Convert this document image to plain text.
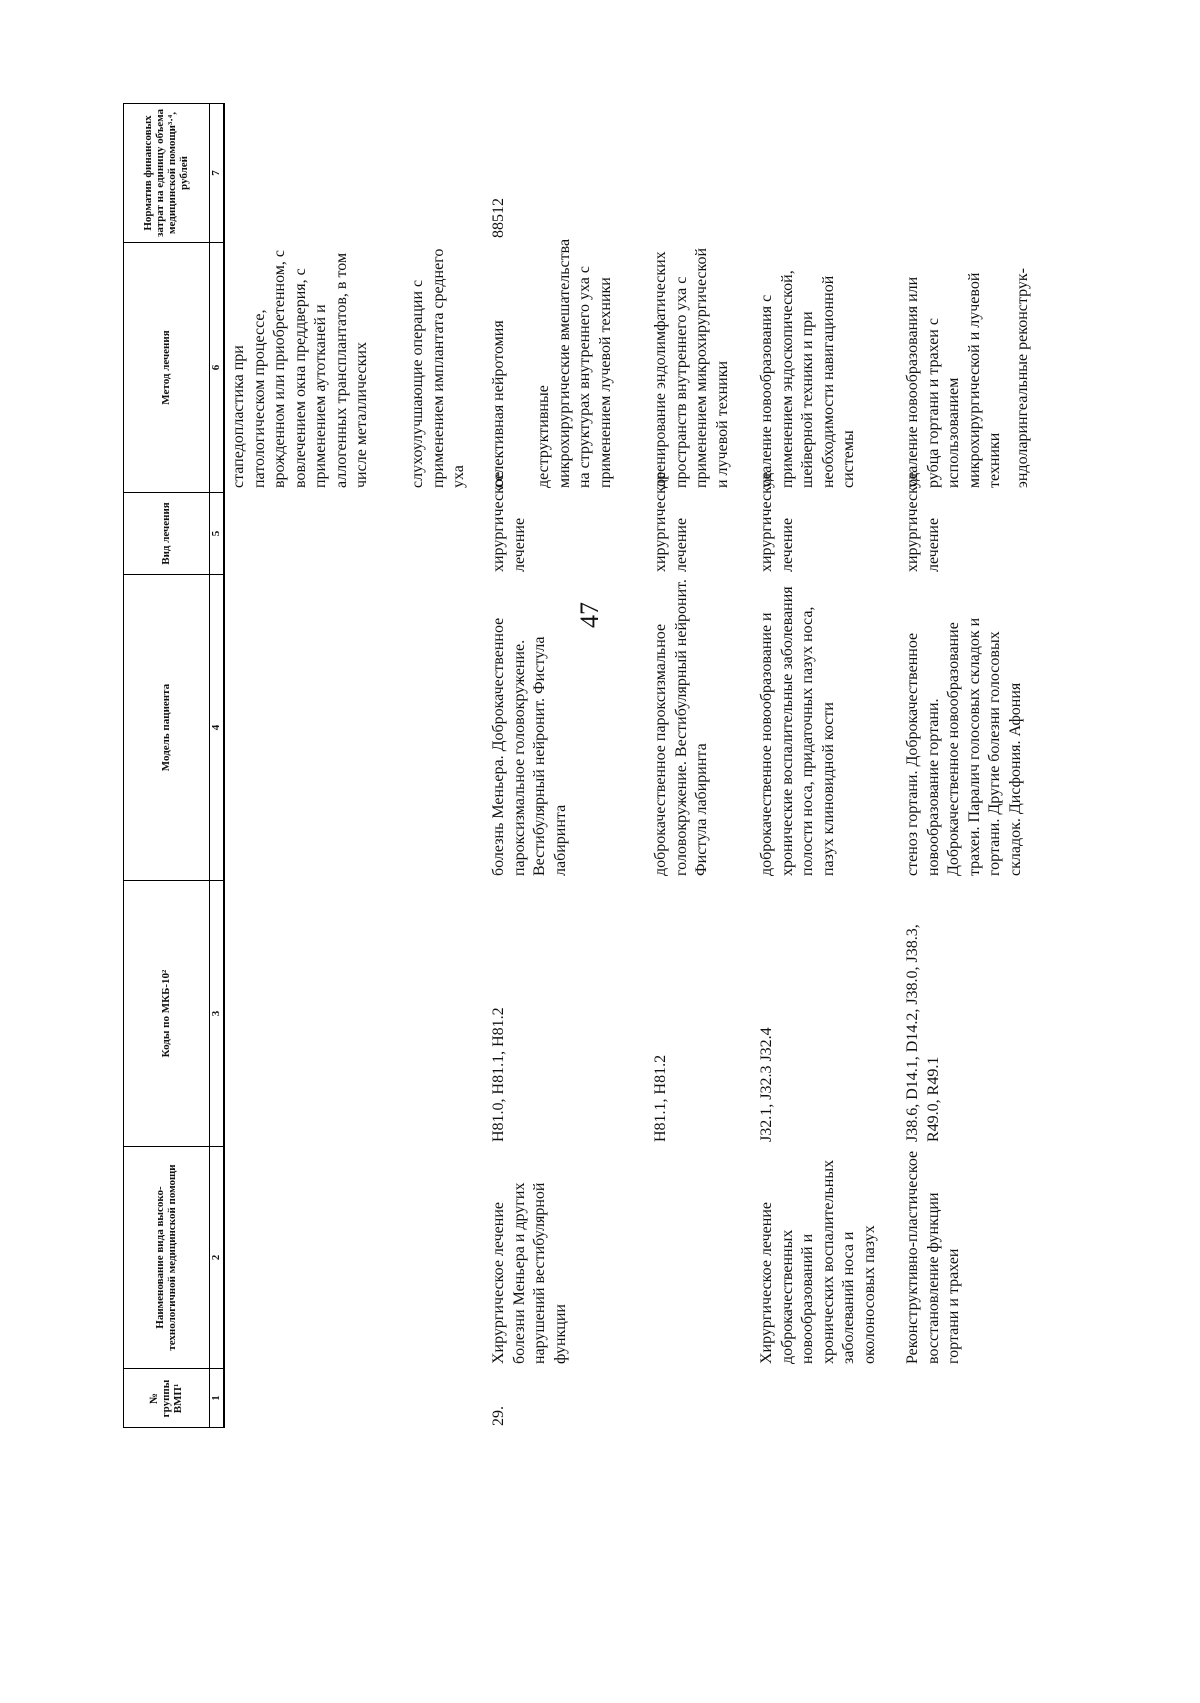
47
№ группы ВМП¹
Наименование вида высоко-технологичной медицинской помощи
Коды по МКБ-10²
Модель пациента
Вид лечения
Метод лечения
Норматив финансовых затрат на единицу объема медицинской помощи³·⁴, рублей
1
2
3
4
5
6
7
стапедопластика при патологическом процессе, врожденном или приобретенном, с вовлечением окна преддверия, с применением аутотканей и аллогенных трансплантатов, в том числе металлических слухоулучшающие операции с применением имплантата среднего уха
29.
88512
Хирургическое лечение болезни Меньера и других нарушений вестибулярной функции
H81.0, H81.1, H81.2
болезнь Меньера. Доброкачественное пароксизмальное головокружение. Вестибулярный нейронит. Фистула лабиринта
хирургическое лечение
селективная нейротомия деструктивные микрохирургические вмешательства на структурах внутреннего уха с применением лучевой техники
H81.1, H81.2
доброкачественное пароксизмальное головокружение. Вестибулярный нейронит. Фистула лабиринта
хирургическое лечение
дренирование эндолимфатических пространств внутреннего уха с применением микрохирургической и лучевой техники
Хирургическое лечение доброкачественных новообразований и хронических воспалительных заболеваний носа и околоносовых пазух
J32.1, J32.3 J32.4
доброкачественное новообразование и хронические воспалительные заболевания полости носа, придаточных пазух носа, пазух клиновидной кости
хирургическое лечение
удаление новообразования с применением эндоскопической, шейверной техники и при необходимости навигационной системы
Реконструктивно-пластическое восстановление функции гортани и трахеи
J38.6, D14.1, D14.2, J38.0, J38.3, R49.0, R49.1
стеноз гортани. Доброкачественное новообразование гортани. Доброкачественное новообразование трахеи. Паралич голосовых складок и гортани. Другие болезни голосовых складок. Дисфония. Афония
хирургическое лечение
удаление новообразования или рубца гортани и трахеи с использованием микрохирургической и лучевой техники эндоларингеальные реконструк-
